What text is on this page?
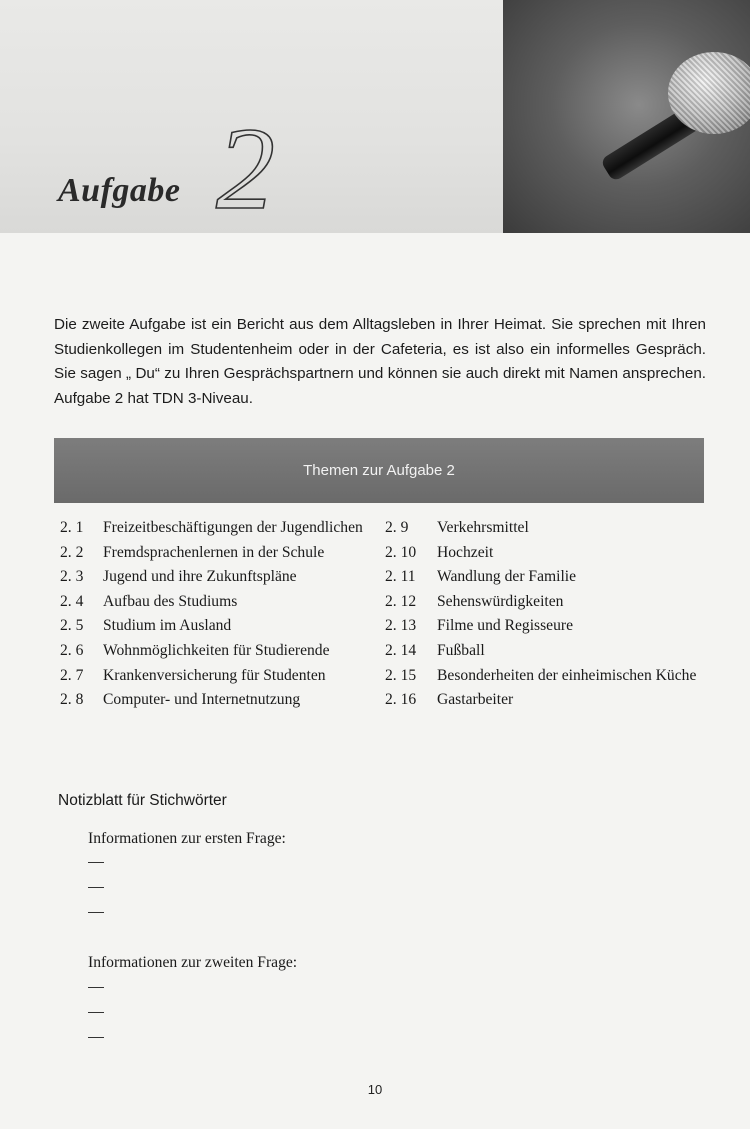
Aufgabe 2
Die zweite Aufgabe ist ein Bericht aus dem Alltagsleben in Ihrer Heimat. Sie sprechen mit Ihren Studienkollegen im Studentenheim oder in der Cafeteria, es ist also ein informelles Gespräch. Sie sagen „ Du“ zu Ihren Gesprächspartnern und können sie auch direkt mit Namen ansprechen. Aufgabe 2 hat TDN 3-Niveau.
Themen zur Aufgabe 2
2. 1	Freizeitbeschäftigungen der Jugendlichen
2. 2	Fremdsprachenlernen in der Schule
2. 3	Jugend und ihre Zukunftspläne
2. 4	Aufbau des Studiums
2. 5	Studium im Ausland
2. 6	Wohnmöglichkeiten für Studierende
2. 7	Krankenversicherung für Studenten
2. 8	Computer- und Internetnutzung
2. 9	Verkehrsmittel
2. 10	Hochzeit
2. 11	Wandlung der Familie
2. 12	Sehenswürdigkeiten
2. 13	Filme und Regisseure
2. 14	Fußball
2. 15	Besonderheiten der einheimischen Küche
2. 16	Gastarbeiter
Notizblatt für Stichwörter
Informationen zur ersten Frage:
Informationen zur zweiten Frage:
10
